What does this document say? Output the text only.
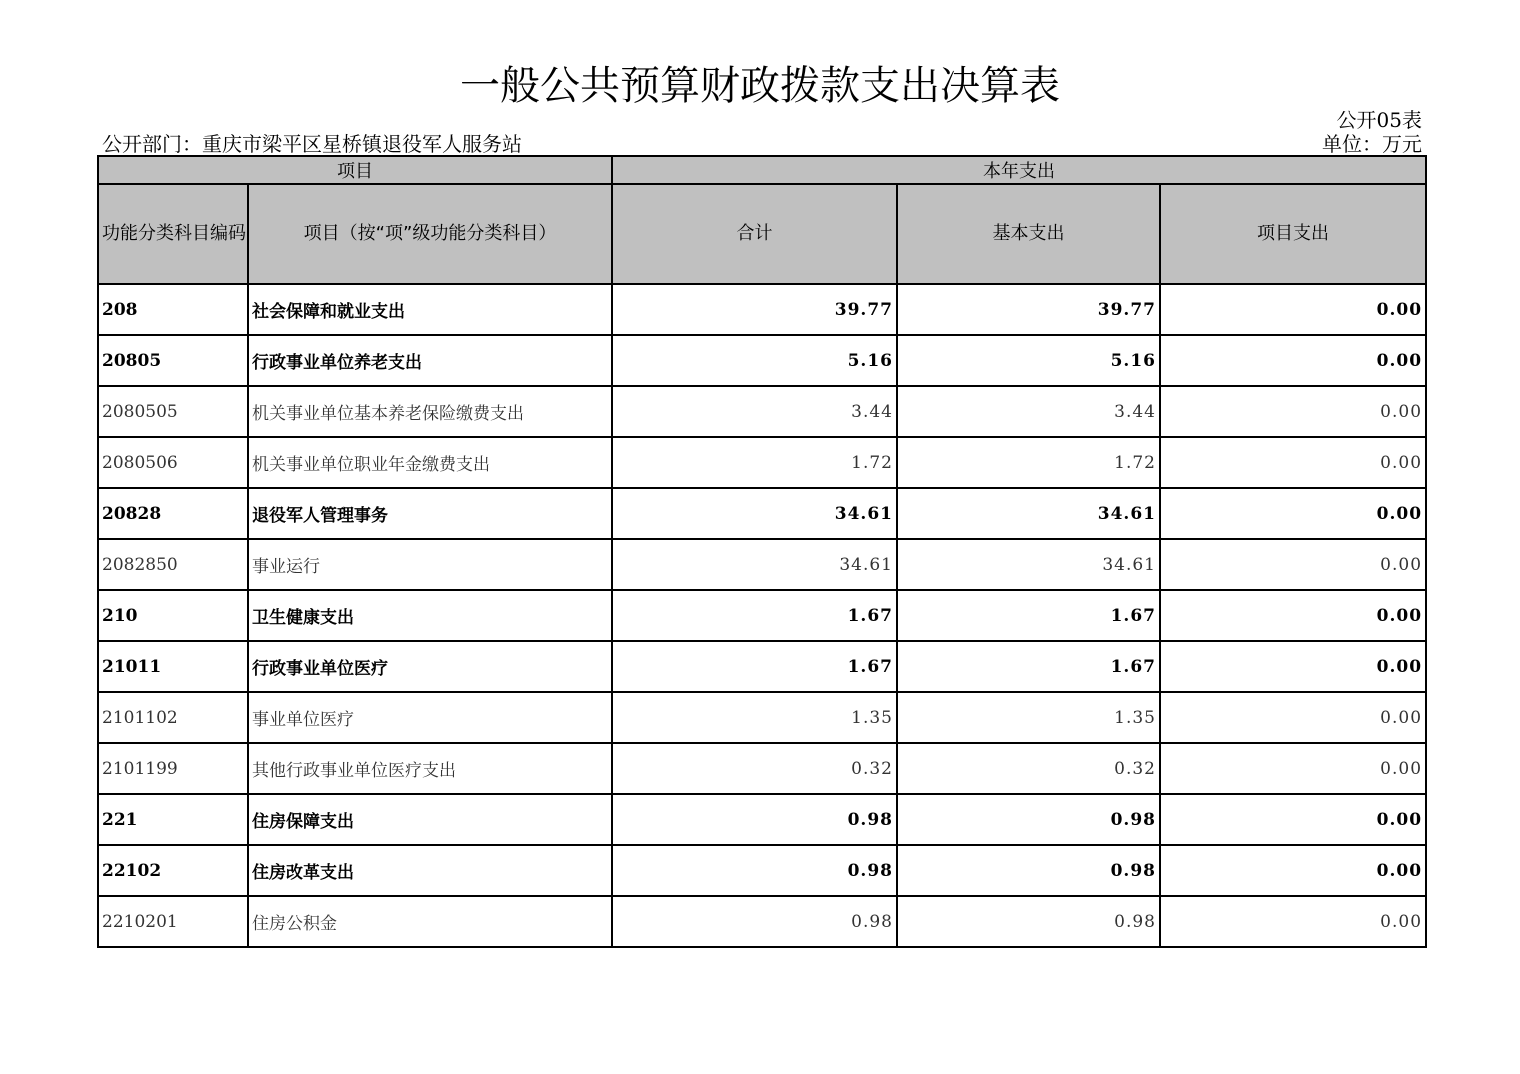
一般公共预算财政拨款支出决算表
公开05表
公开部门：重庆市梁平区星桥镇退役军人服务站	单位：万元
项目		本年支出		
功能分类科目编码	项目（按“项”级功能分类科目）	合计	基本支出	项目支出
208	社会保障和就业支出	39.77	39.77	0.00
20805	行政事业单位养老支出	5.16	5.16	0.00
2080505	机关事业单位基本养老保险缴费支出	3.44	3.44	0.00
2080506	机关事业单位职业年金缴费支出	1.72	1.72	0.00
20828	退役军人管理事务	34.61	34.61	0.00
2082850	事业运行	34.61	34.61	0.00
210	卫生健康支出	1.67	1.67	0.00
21011	行政事业单位医疗	1.67	1.67	0.00
2101102	事业单位医疗	1.35	1.35	0.00
2101199	其他行政事业单位医疗支出	0.32	0.32	0.00
221	住房保障支出	0.98	0.98	0.00
22102	住房改革支出	0.98	0.98	0.00
2210201	住房公积金	0.98	0.98	0.00
